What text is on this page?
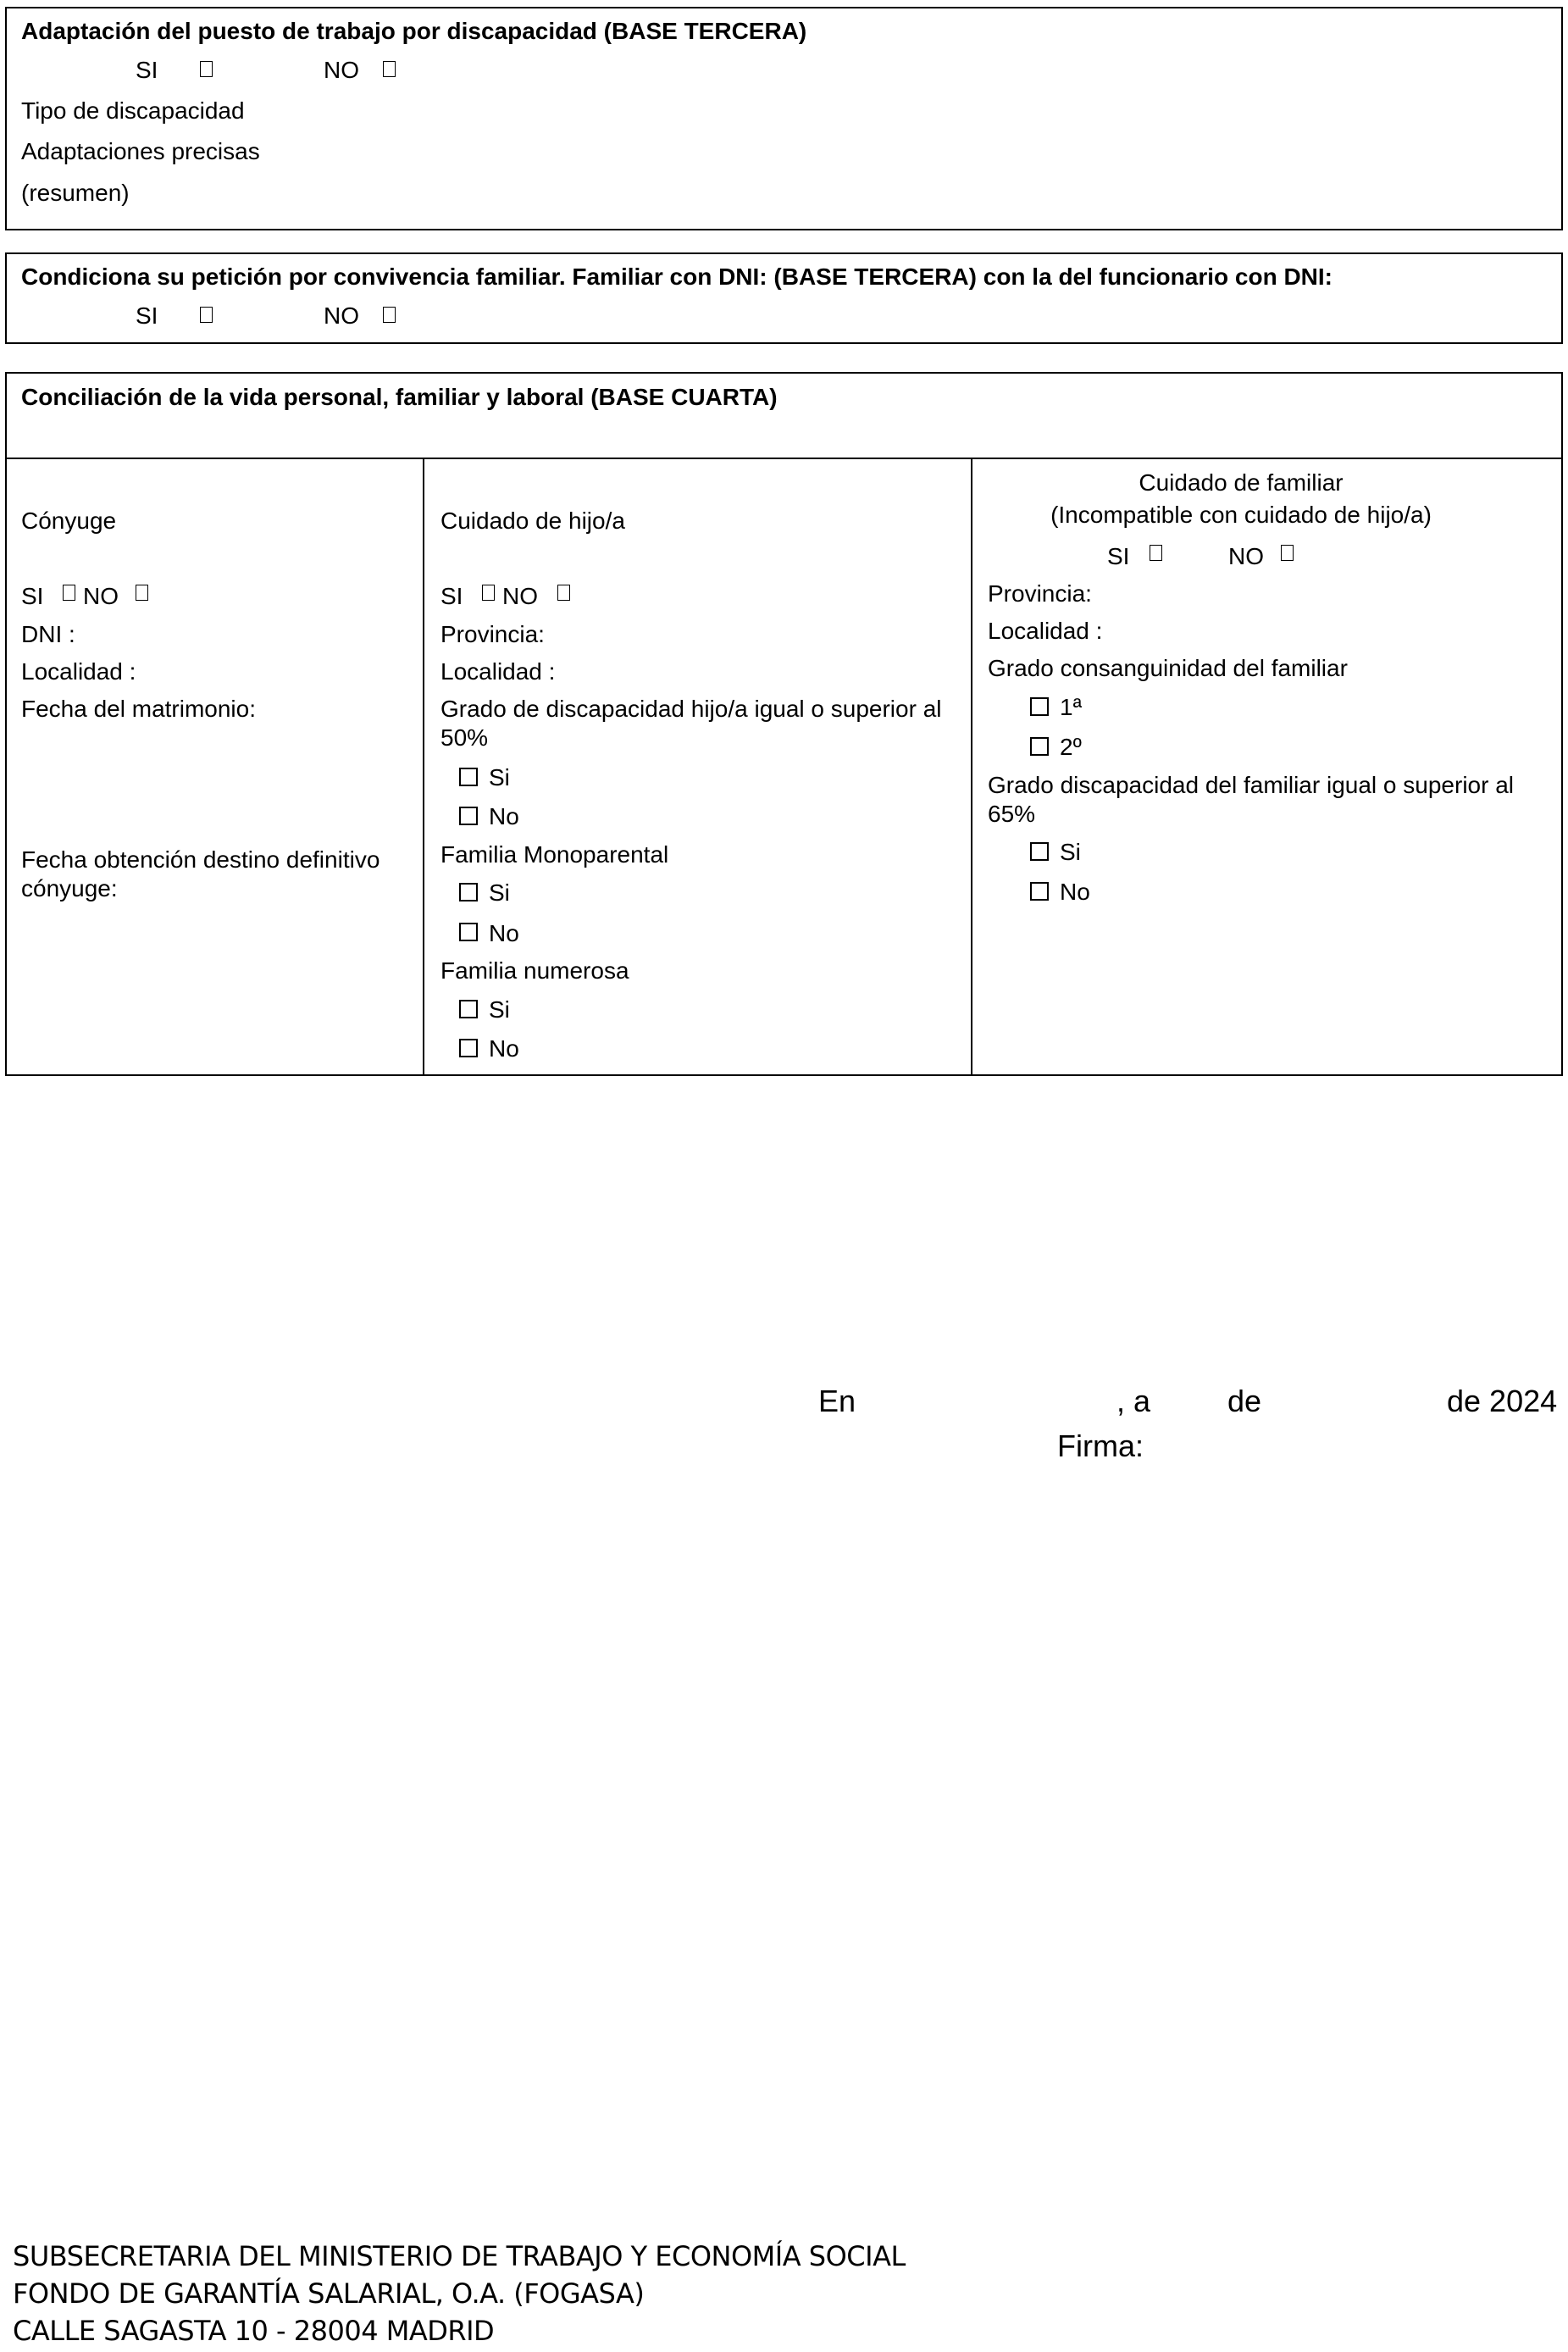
Adaptación del puesto de trabajo por discapacidad (BASE TERCERA)
SI	NO
Tipo de discapacidad
Adaptaciones precisas
(resumen)
Condiciona su petición por convivencia familiar. Familiar con DNI: (BASE TERCERA) con la del funcionario con DNI:
SI	NO
Conciliación de la vida personal, familiar y laboral (BASE CUARTA)
Cónyuge
SI NO
DNI :
Localidad :
Fecha del matrimonio:
Fecha obtención destino definitivo cónyuge:
Cuidado de hijo/a
SI NO
Provincia:
Localidad :
Grado de discapacidad hijo/a igual o superior al 50%
Si
No
Familia Monoparental
Si
No
Familia numerosa
Si
No
Cuidado de familiar
(Incompatible con cuidado de hijo/a)
SI	NO
Provincia:
Localidad :
Grado consanguinidad del familiar
1ª
2º
Grado discapacidad del familiar igual o superior al 65%
Si
No
En	, a	de	de 2024
Firma:
SUBSECRETARIA DEL MINISTERIO DE TRABAJO Y ECONOMÍA SOCIAL
FONDO DE GARANTÍA SALARIAL, O.A. (FOGASA)
CALLE SAGASTA 10 - 28004 MADRID
